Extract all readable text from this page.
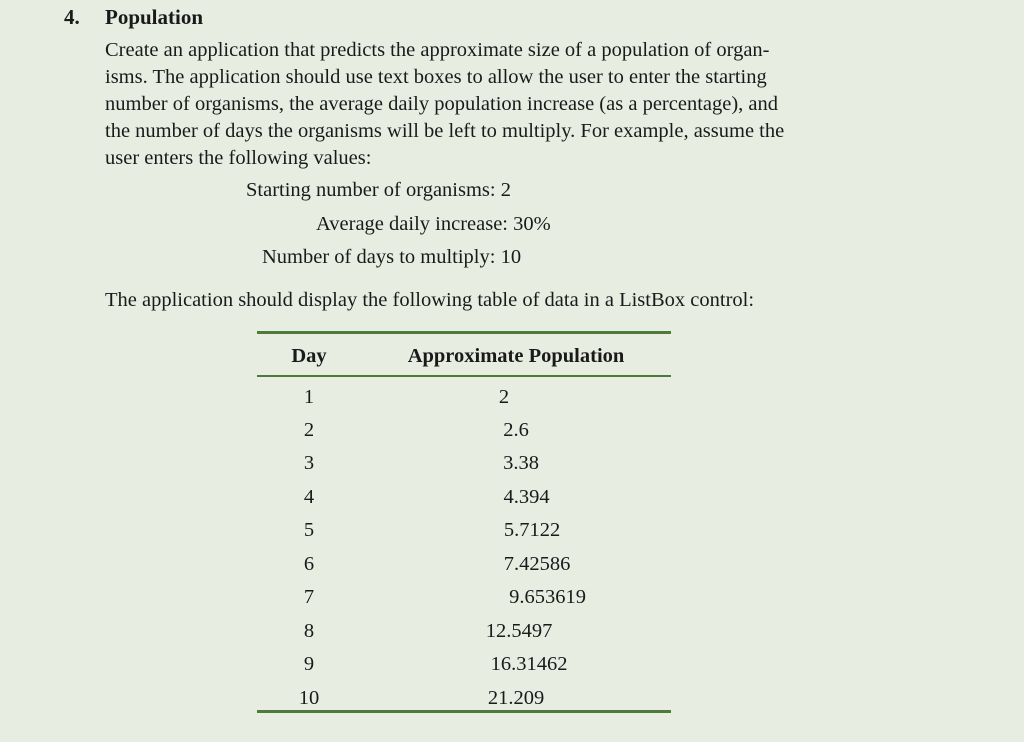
4. Population
Create an application that predicts the approximate size of a population of organ-
isms. The application should use text boxes to allow the user to enter the starting
number of organisms, the average daily population increase (as a percentage), and
the number of days the organisms will be left to multiply. For example, assume the
user enters the following values:
Starting number of organisms: 2
Average daily increase: 30%
Number of days to multiply: 10
The application should display the following table of data in a ListBox control:
Day	Approximate Population
1	2
2	2.6
3	3.38
4	4.394
5	5.7122
6	7.42586
7	9.653619
8	12.5497
9	16.31462
10	21.209
